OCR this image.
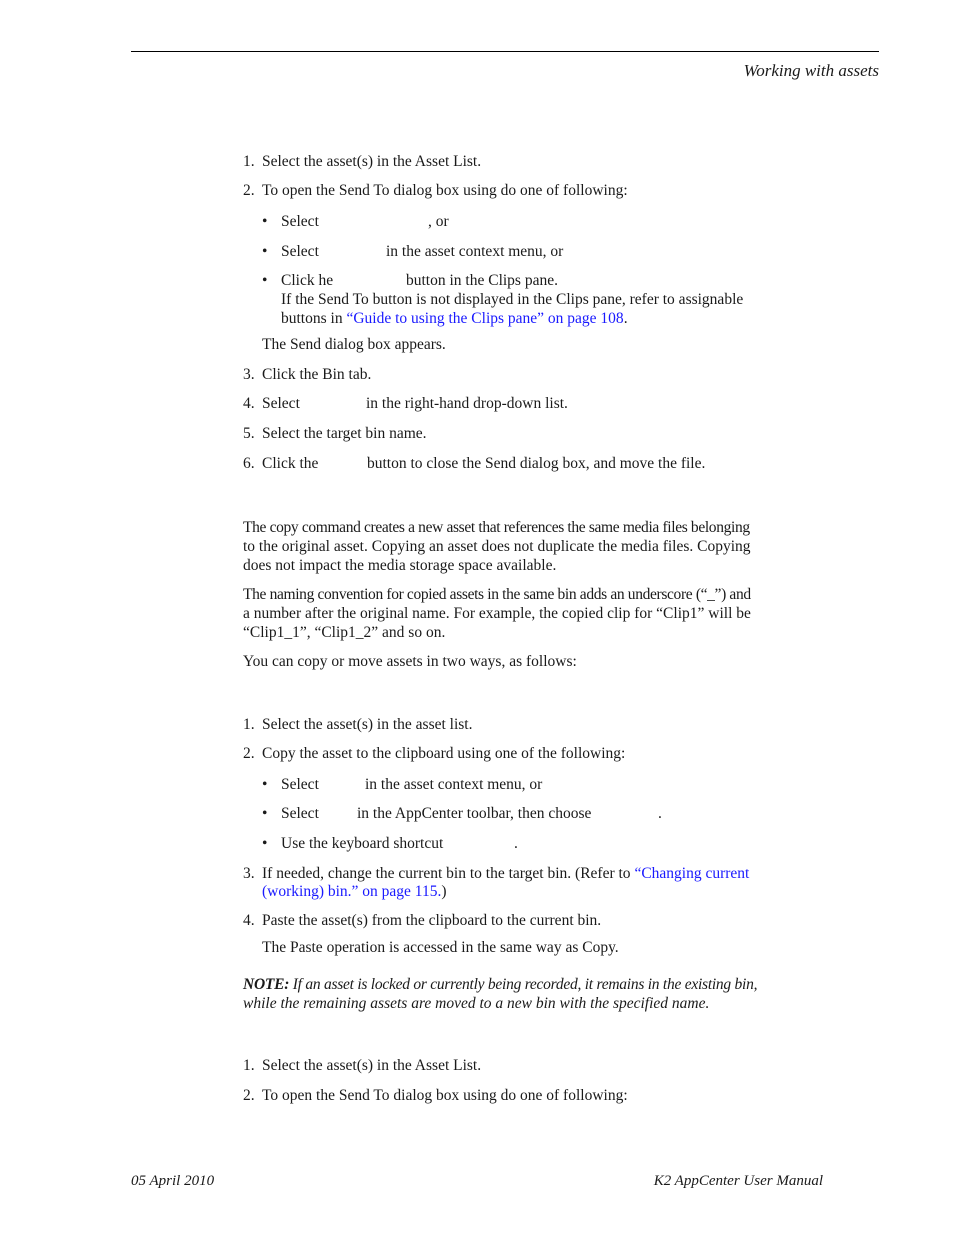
Working with assets
1. Select the asset(s) in the Asset List.
2. To open the Send To dialog box using do one of following:
• Select	, or
• Select	in the asset context menu, or
• Click he	button in the Clips pane.
If the Send To button is not displayed in the Clips pane, refer to assignable
buttons in “Guide to using the Clips pane” on page 108.
The Send dialog box appears.
3. Click the Bin tab.
4. Select	in the right-hand drop-down list.
5. Select the target bin name.
6. Click the	button to close the Send dialog box, and move the file.
The copy command creates a new asset that references the same media files belonging
to the original asset. Copying an asset does not duplicate the media files. Copying
does not impact the media storage space available.
The naming convention for copied assets in the same bin adds an underscore (“_”) and
a number after the original name. For example, the copied clip for “Clip1” will be
“Clip1_1”, “Clip1_2” and so on.
You can copy or move assets in two ways, as follows:
1. Select the asset(s) in the asset list.
2. Copy the asset to the clipboard using one of the following:
• Select	in the asset context menu, or
• Select in the AppCenter toolbar, then choose	.
• Use the keyboard shortcut	.
3. If needed, change the current bin to the target bin. (Refer to “Changing current
(working) bin.” on page 115.)
4. Paste the asset(s) from the clipboard to the current bin.
The Paste operation is accessed in the same way as Copy.
NOTE: If an asset is locked or currently being recorded, it remains in the existing bin,
while the remaining assets are moved to a new bin with the specified name.
1. Select the asset(s) in the Asset List.
2. To open the Send To dialog box using do one of following:
05 April 2010	K2 AppCenter User Manual
